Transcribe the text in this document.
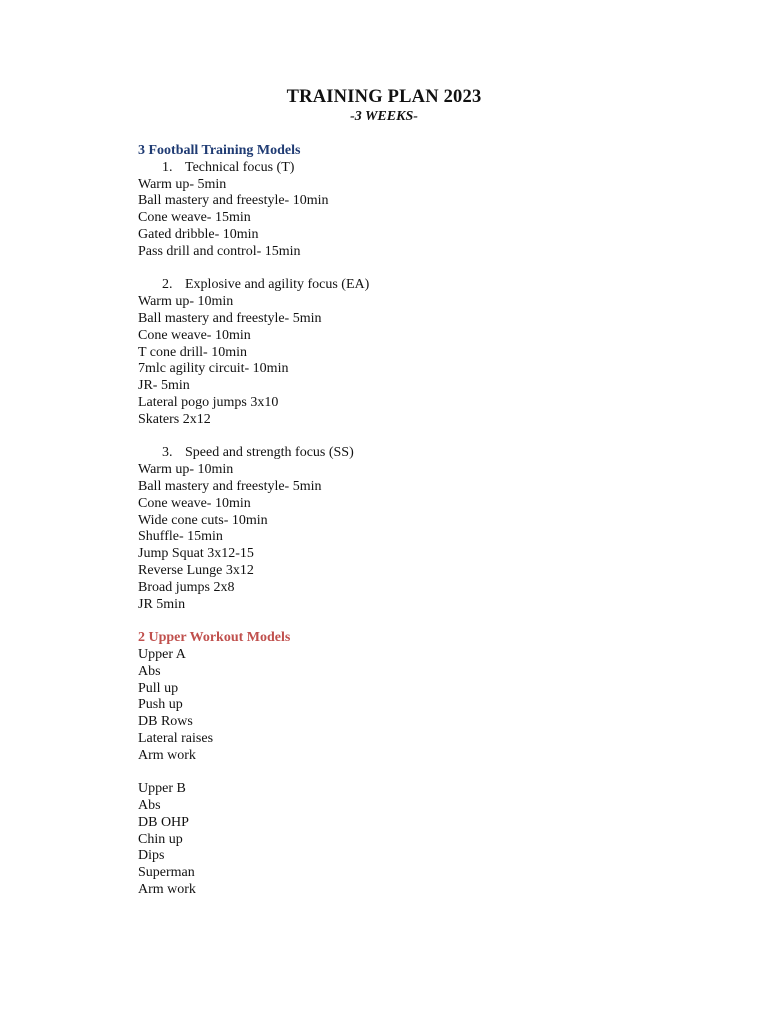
TRAINING PLAN 2023
-3 WEEKS-
3 Football Training Models
1. Technical focus (T)
Warm up- 5min
Ball mastery and freestyle- 10min
Cone weave- 15min
Gated dribble- 10min
Pass drill and control- 15min
2. Explosive and agility focus (EA)
Warm up- 10min
Ball mastery and freestyle- 5min
Cone weave- 10min
T cone drill- 10min
7mlc agility circuit- 10min
JR- 5min
Lateral pogo jumps 3x10
Skaters 2x12
3. Speed and strength focus (SS)
Warm up- 10min
Ball mastery and freestyle- 5min
Cone weave- 10min
Wide cone cuts- 10min
Shuffle- 15min
Jump Squat 3x12-15
Reverse Lunge 3x12
Broad jumps 2x8
JR 5min
2 Upper Workout Models
Upper A
Abs
Pull up
Push up
DB Rows
Lateral raises
Arm work
Upper B
Abs
DB OHP
Chin up
Dips
Superman
Arm work
